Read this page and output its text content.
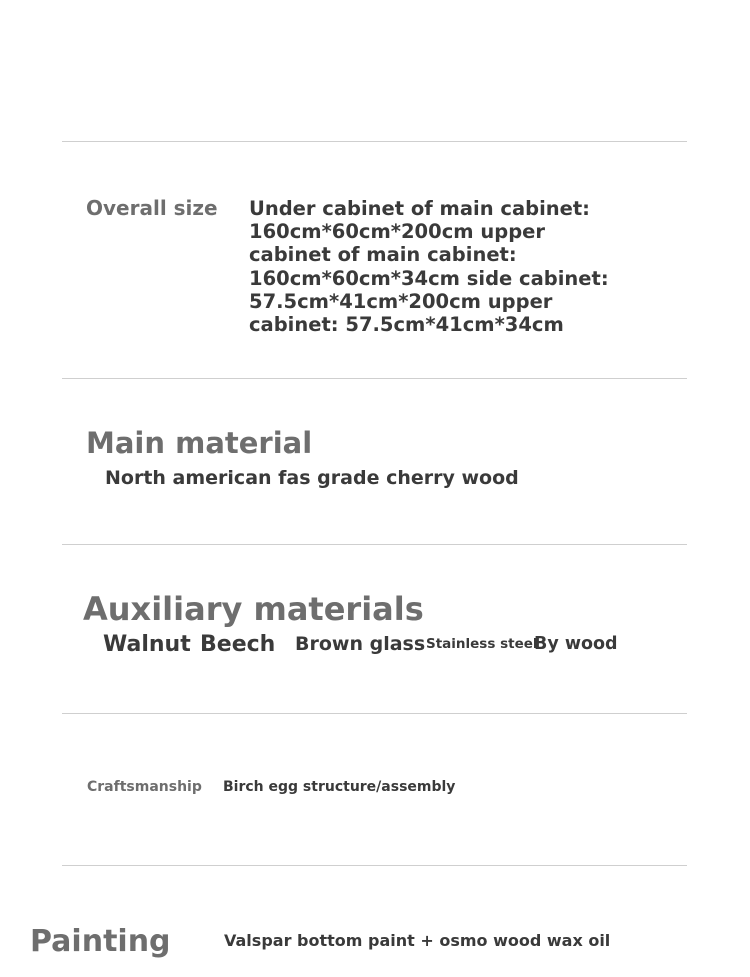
Overall size Under cabinet of main cabinet: 160cm*60cm*200cm upper cabinet of main cabinet: 160cm*60cm*34cm side cabinet: 57.5cm*41cm*200cm upper cabinet: 57.5cm*41cm*34cm

Main material

North american fas grade cherry wood

Auxiliary materials

Walnut Beech Brown glass Stainless steel
By wood

Craftsmanship Birch egg structure/assembly

Painting	Valspar bottom paint + osmo wood wax oil
